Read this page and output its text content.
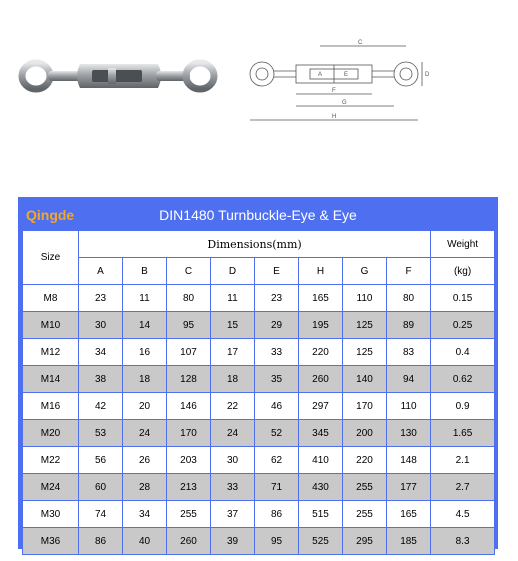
C
A	E
F
G
H
D
Qingde	DIN1480 Turnbuckle-Eye & Eye
Size	Dimensions(mm)								Weight
	A	B	C	D	E	H	G	F	(kg)
M8	23	11	80	11	23	165	110	80	0.15
M10	30	14	95	15	29	195	125	89	0.25
M12	34	16	107	17	33	220	125	83	0.4
M14	38	18	128	18	35	260	140	94	0.62
M16	42	20	146	22	46	297	170	110	0.9
M20	53	24	170	24	52	345	200	130	1.65
M22	56	26	203	30	62	410	220	148	2.1
M24	60	28	213	33	71	430	255	177	2.7
M30	74	34	255	37	86	515	255	165	4.5
M36	86	40	260	39	95	525	295	185	8.3
